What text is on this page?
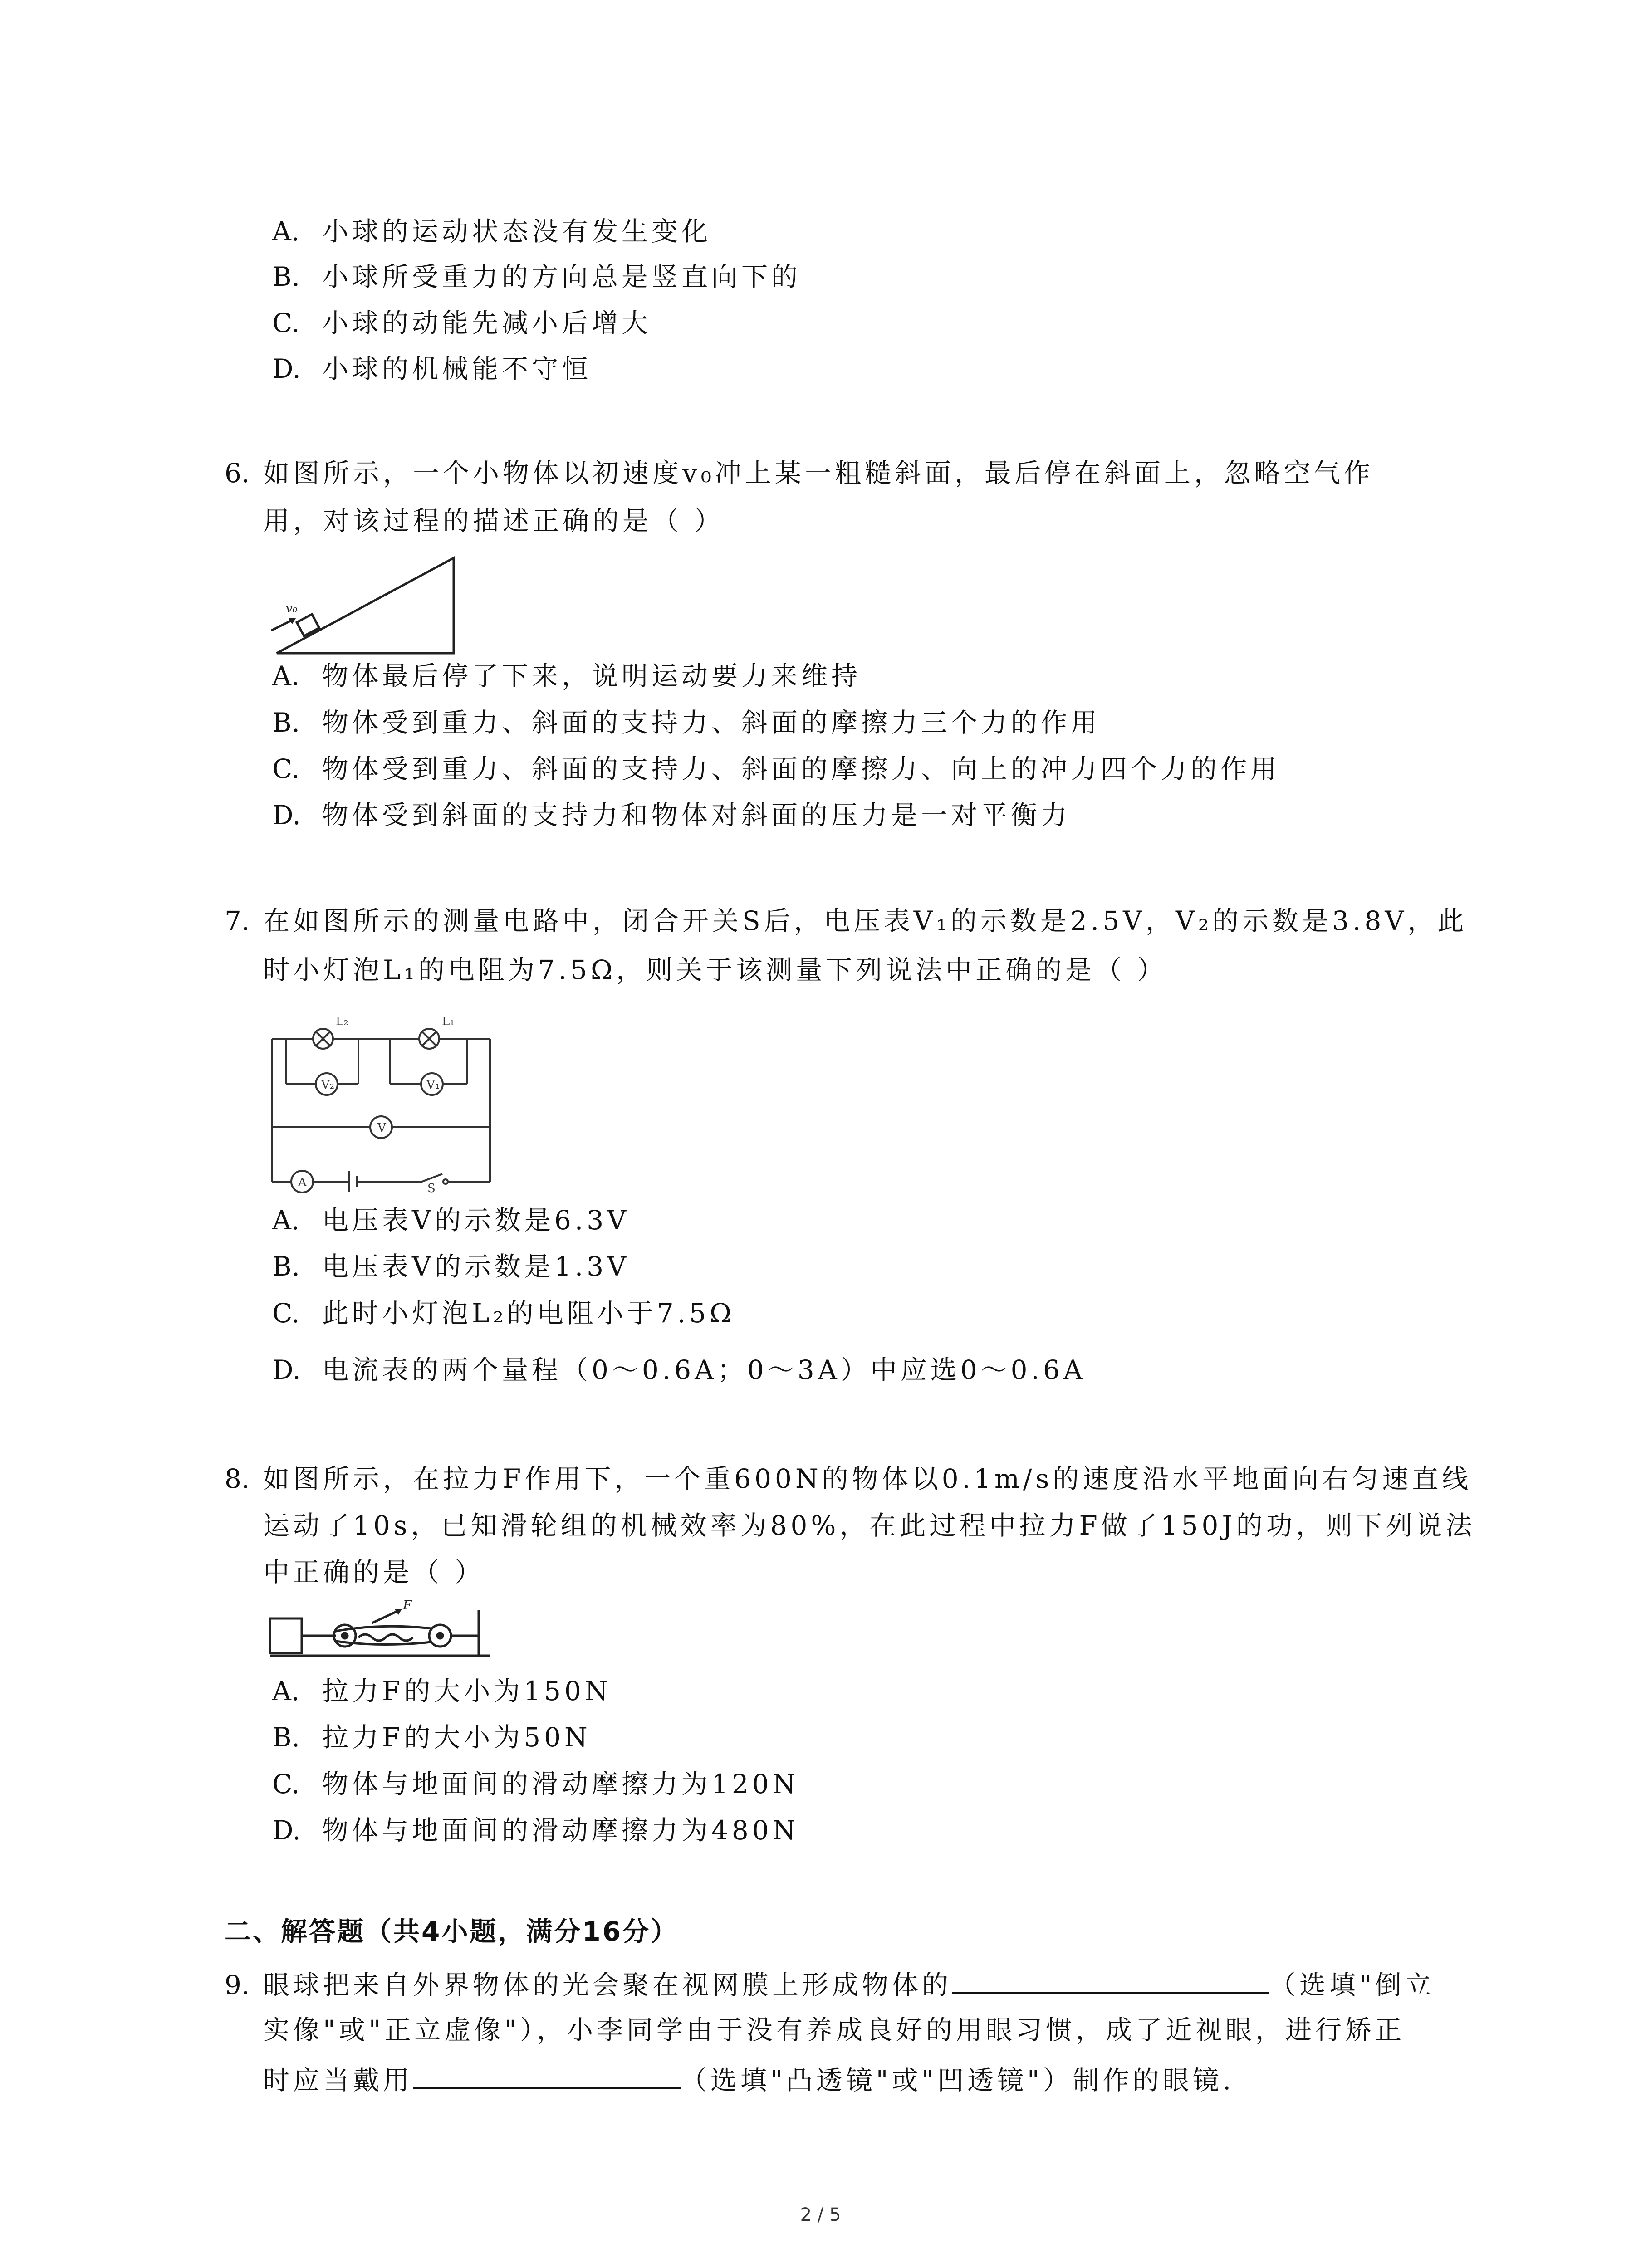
A. 小球的运动状态没有发生变化
B. 小球所受重力的方向总是竖直向下的
C. 小球的动能先减小后增大
D. 小球的机械能不守恒
6. 如图所示，一个小物体以初速度v₀冲上某一粗糙斜面，最后停在斜面上，忽略空气作
用，对该过程的描述正确的是（ ）
v₀
A. 物体最后停了下来，说明运动要力来维持
B. 物体受到重力、斜面的支持力、斜面的摩擦力三个力的作用
C. 物体受到重力、斜面的支持力、斜面的摩擦力、向上的冲力四个力的作用
D. 物体受到斜面的支持力和物体对斜面的压力是一对平衡力
7. 在如图所示的测量电路中，闭合开关S后，电压表V₁的示数是2.5V，V₂的示数是3.8V，此
时小灯泡L₁的电阻为7.5Ω，则关于该测量下列说法中正确的是（ ）
L₂	L₁
V₂	V₁
V
A	S
A. 电压表V的示数是6.3V
B. 电压表V的示数是1.3V
C. 此时小灯泡L₂的电阻小于7.5Ω
D. 电流表的两个量程（0～0.6A；0～3A）中应选0～0.6A
8. 如图所示，在拉力F作用下，一个重600N的物体以0.1m/s的速度沿水平地面向右匀速直线
运动了10s，已知滑轮组的机械效率为80%，在此过程中拉力F做了150J的功，则下列说法
中正确的是（ ）
F
A. 拉力F的大小为150N
B. 拉力F的大小为50N
C. 物体与地面间的滑动摩擦力为120N
D. 物体与地面间的滑动摩擦力为480N
二、解答题（共4小题，满分16分）
9. 眼球把来自外界物体的光会聚在视网膜上形成物体的	（选填"倒立
实像"或"正立虚像"），小李同学由于没有养成良好的用眼习惯，成了近视眼，进行矫正
时应当戴用	（选填"凸透镜"或"凹透镜"）制作的眼镜.
2 / 5
